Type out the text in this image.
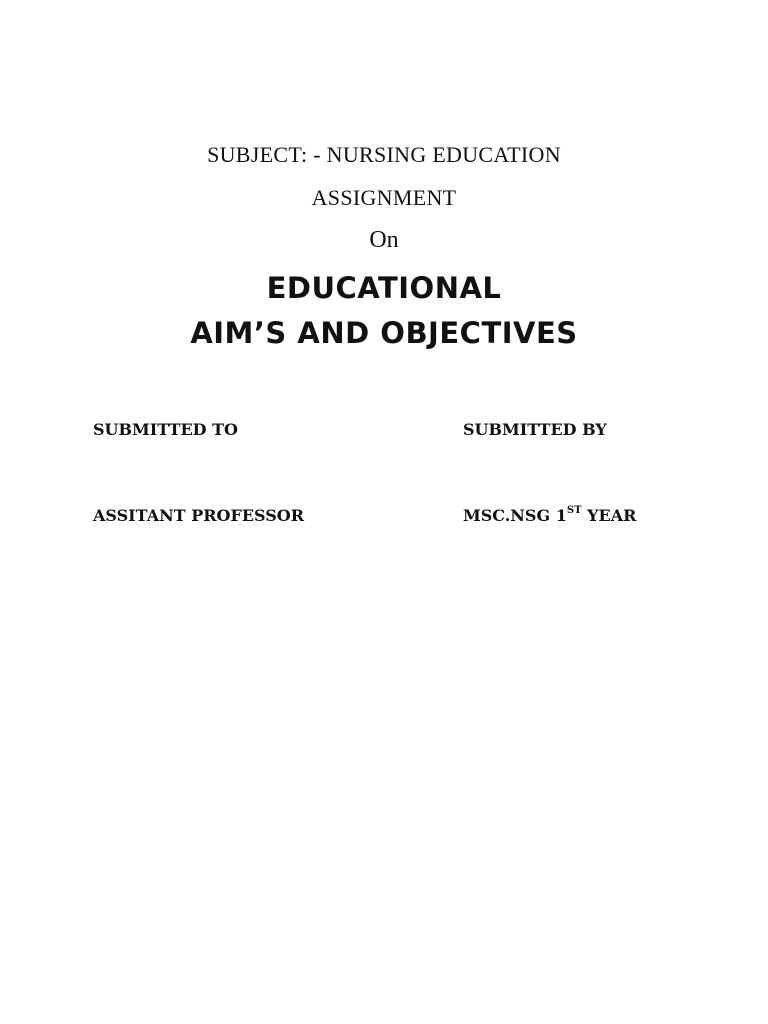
SUBJECT: - NURSING EDUCATION
ASSIGNMENT
On
EDUCATIONAL
AIM’S AND OBJECTIVES
SUBMITTED TO	SUBMITTED BY
ASSITANT PROFESSOR	MSC.NSG 1ST YEAR
